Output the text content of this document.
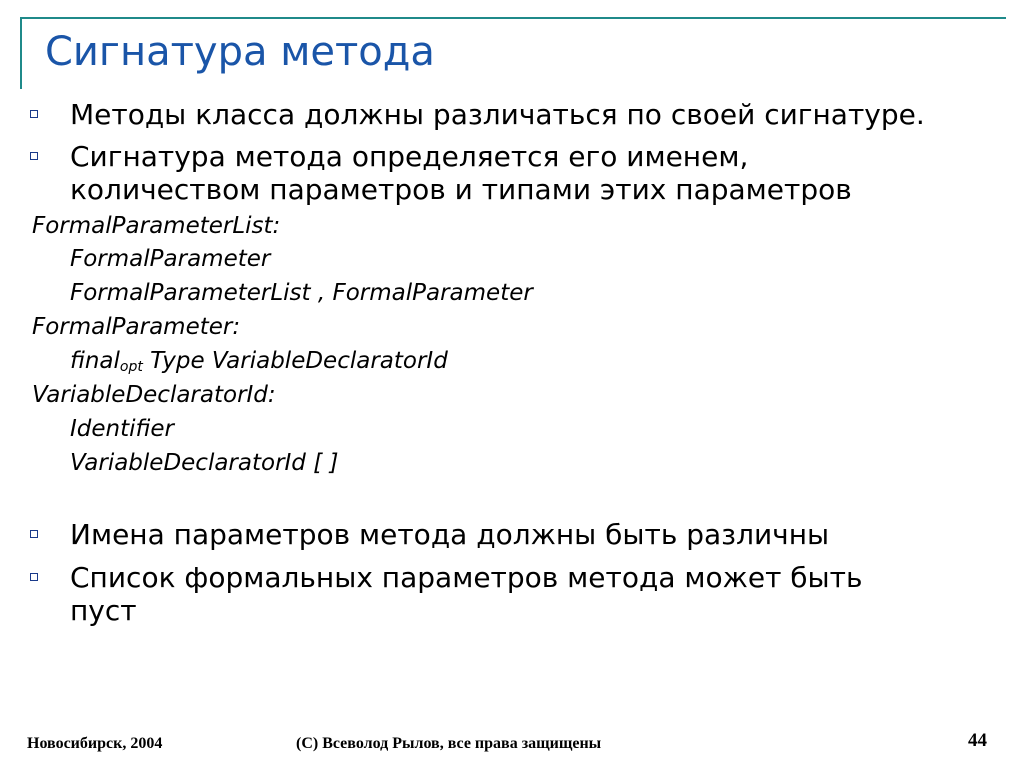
Сигнатура метода
Методы класса должны различаться по своей сигнатуре.
Сигнатура метода определяется его именем,
количеством параметров и типами этих параметров
FormalParameterList:
FormalParameter
FormalParameterList , FormalParameter
FormalParameter:
final$_{opt}$ Type VariableDeclaratorId
VariableDeclaratorId:
Identifier
VariableDeclaratorId [ ]
Имена параметров метода должны быть различны
Список формальных параметров метода может быть
пуст
Новосибирск, 2004	(С) Всеволод Рылов, все права защищены	44
